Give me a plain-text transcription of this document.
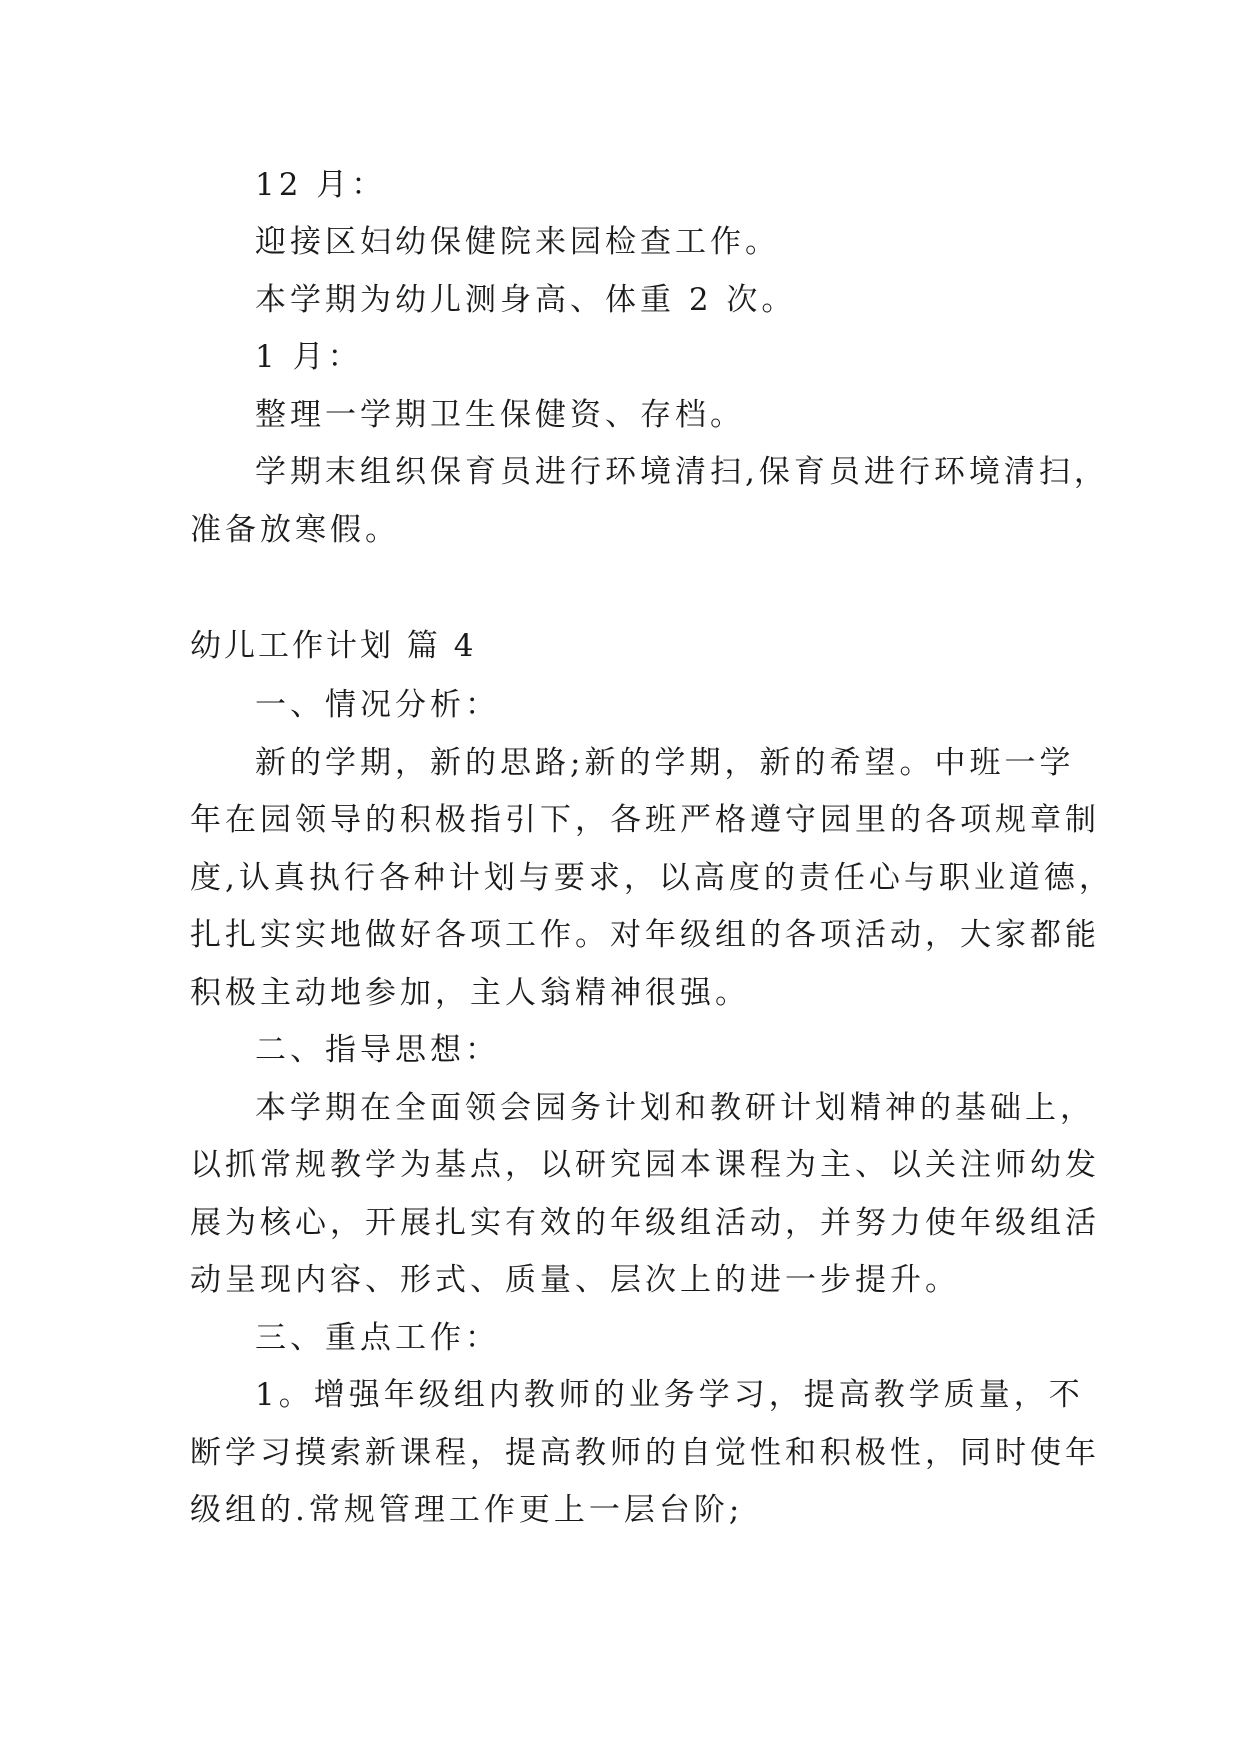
12 月：
迎接区妇幼保健院来园检查工作。
本学期为幼儿测身高、体重 2 次。
1 月：
整理一学期卫生保健资、存档。
学期末组织保育员进行环境清扫,保育员进行环境清扫，
准备放寒假。
幼儿工作计划 篇 4
一、情况分析：
新的学期，新的思路;新的学期，新的希望。中班一学
年在园领导的积极指引下，各班严格遵守园里的各项规章制
度,认真执行各种计划与要求，以高度的责任心与职业道德，
扎扎实实地做好各项工作。对年级组的各项活动，大家都能
积极主动地参加，主人翁精神很强。
二、指导思想：
本学期在全面领会园务计划和教研计划精神的基础上，
以抓常规教学为基点，以研究园本课程为主、以关注师幼发
展为核心，开展扎实有效的年级组活动，并努力使年级组活
动呈现内容、形式、质量、层次上的进一步提升。
三、重点工作：
1。增强年级组内教师的业务学习，提高教学质量，不
断学习摸索新课程，提高教师的自觉性和积极性，同时使年
级组的.常规管理工作更上一层台阶;
